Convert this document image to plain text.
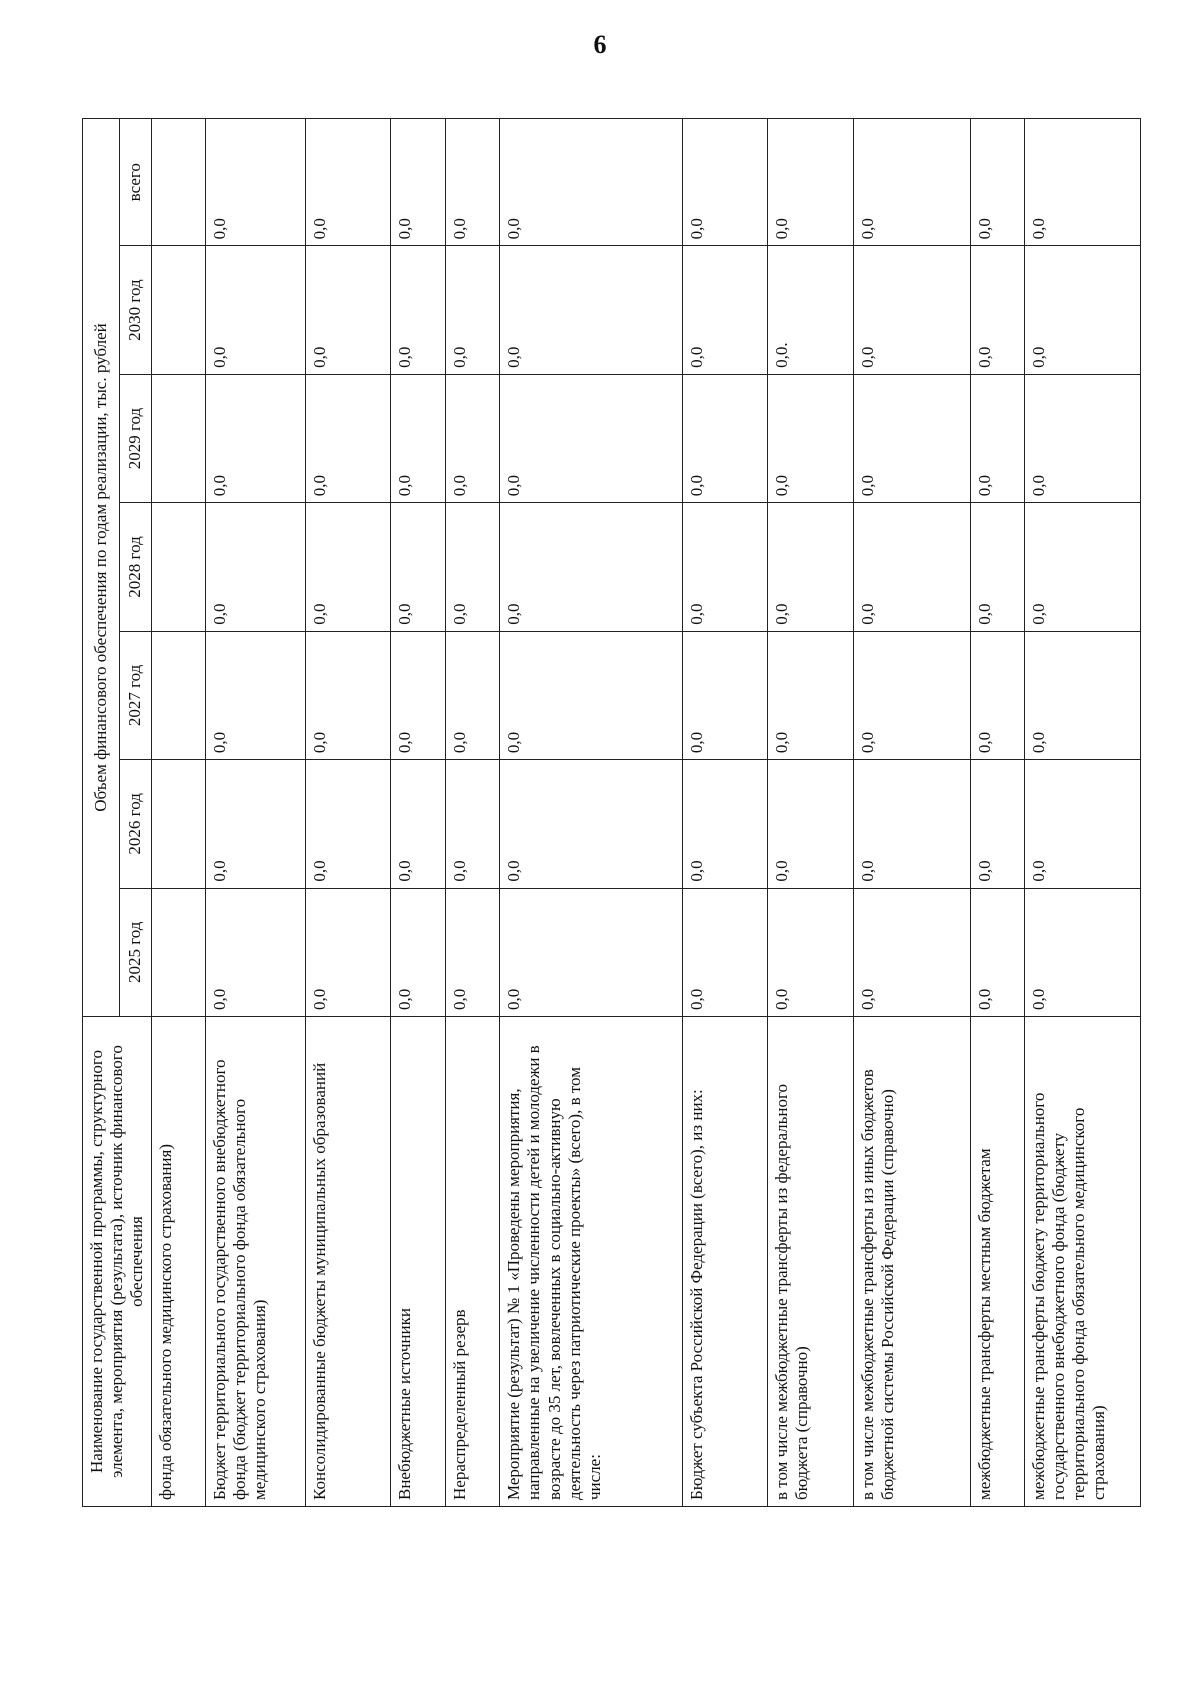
6
Наименование государственной программы, структурного элемента, мероприятия (результата), источник финансового обеспечения	Объем финансового обеспечения по годам реализации, тыс. рублей						
	2025 год	2026 год	2027 год	2028 год	2029 год	2030 год	всего
фонда обязательного медицинского страхования)							
Бюджет территориального государственного внебюджетного фонда (бюджет территориального фонда обязательного медицинского страхования)	0,0	0,0	0,0	0,0	0,0	0,0	0,0
Консолидированные бюджеты муниципальных образований	0,0	0,0	0,0	0,0	0,0	0,0	0,0
Внебюджетные источники	0,0	0,0	0,0	0,0	0,0	0,0	0,0
Нераспределенный резерв	0,0	0,0	0,0	0,0	0,0	0,0	0,0
Мероприятие (результат) № 1 «Проведены мероприятия, направленные на увеличение численности детей и молодежи в возрасте до 35 лет, вовлеченных в социально-активную деятельность через патриотические проекты» (всего), в том числе:	0,0	0,0	0,0	0,0	0,0	0,0	0,0
Бюджет субъекта Российской Федерации (всего), из них:	0,0	0,0	0,0	0,0	0,0	0,0	0,0
в том числе межбюджетные трансферты из федерального бюджета (справочно)	0,0	0,0	0,0	0,0	0,0	0,0.	0,0
в том числе межбюджетные трансферты из иных бюджетов бюджетной системы Российской Федерации (справочно)	0,0	0,0	0,0	0,0	0,0	0,0	0,0
межбюджетные трансферты местным бюджетам	0,0	0,0	0,0	0,0	0,0	0,0	0,0
межбюджетные трансферты бюджету территориального государственного внебюджетного фонда (бюджету территориального фонда обязательного медицинского страхования)	0,0	0,0	0,0	0,0	0,0	0,0	0,0
